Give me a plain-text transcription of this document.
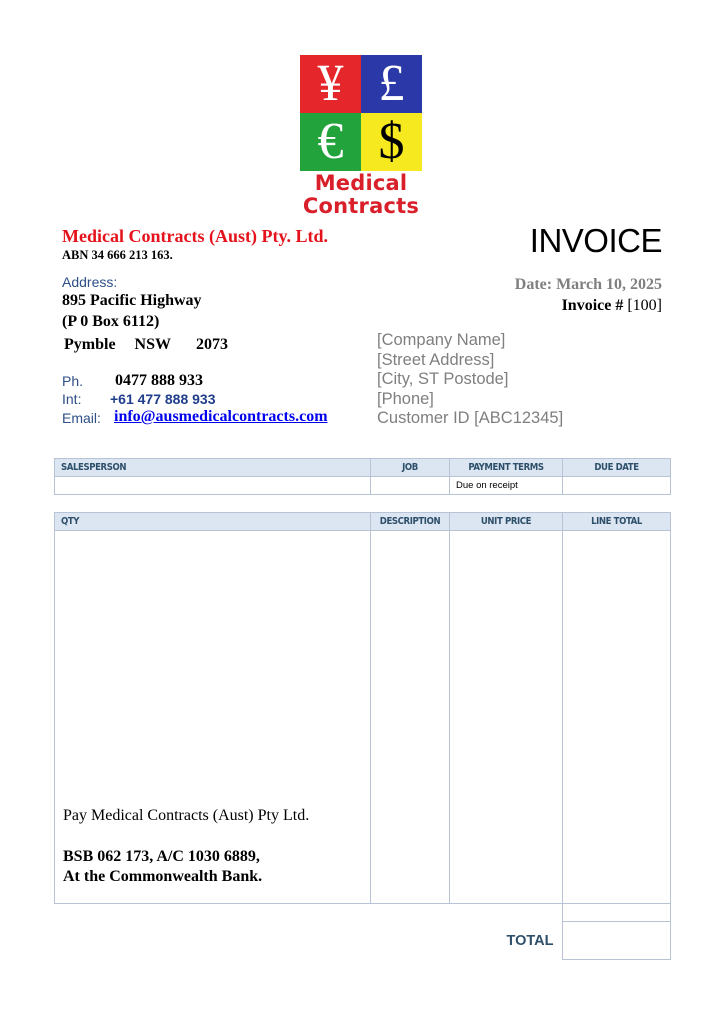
¥ £
€ $
Medical
Contracts
Medical Contracts (Aust) Pty. Ltd.
ABN 34 666 213 163.	INVOICE
Date: March 10, 2025
Invoice # [100]
Address:
895 Pacific Highway
(P 0 Box 6112)
Pymble NSW 2073
Ph. 0477 888 933
Int: +61 477 888 933
Email: info@ausmedicalcontracts.com
[Company Name]
[Street Address]
[City, ST Postode]
[Phone]
Customer ID [ABC12345]
SALESPERSON	JOB	PAYMENT TERMS	DUE DATE
		Due on receipt	
QTY	DESCRIPTION	UNIT PRICE	LINE TOTAL

Pay Medical Contracts (Aust) Pty Ltd.
BSB 062 173, A/C 1030 6889,
At the Commonwealth Bank.			

		TOTAL	
